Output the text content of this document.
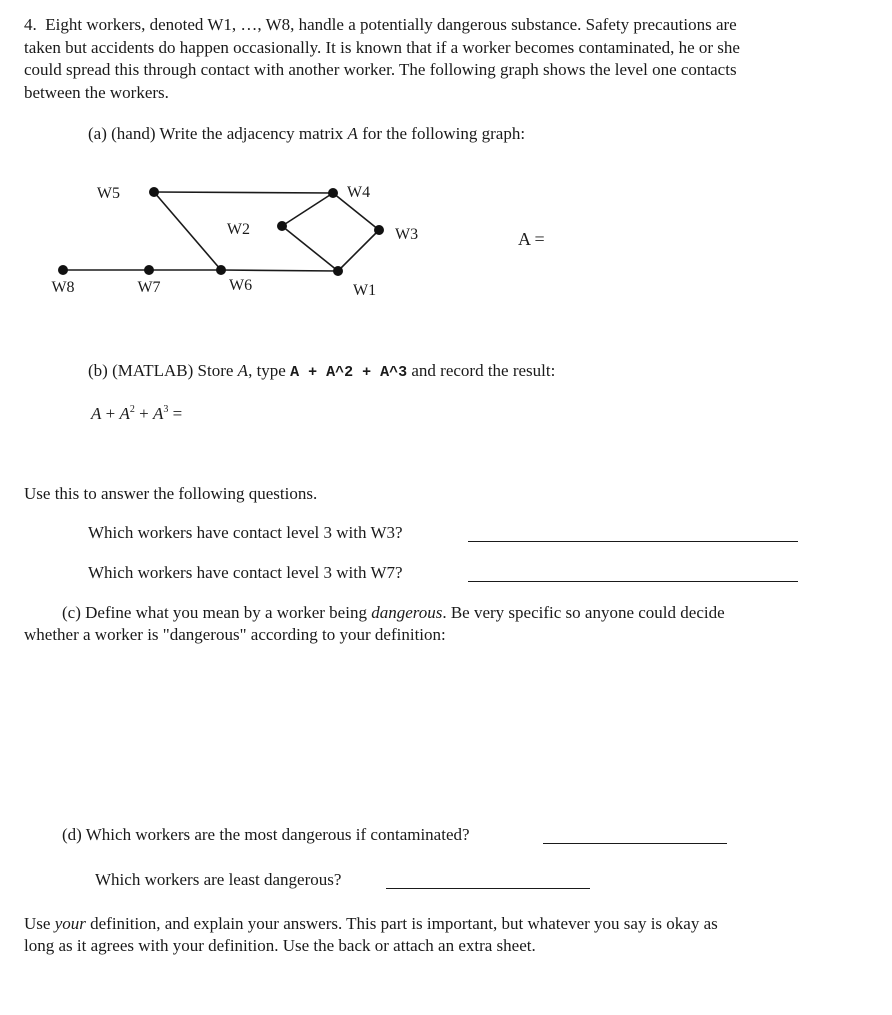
4. Eight workers, denoted W1, …, W8, handle a potentially dangerous substance. Safety precautions are
taken but accidents do happen occasionally. It is known that if a worker becomes contaminated, he or she
could spread this through contact with another worker. The following graph shows the level one contacts
between the workers.
(a) (hand) Write the adjacency matrix A for the following graph:
W1
W2	W3
W4
W5
W6
W7
W8
A =
(b) (MATLAB) Store A, type A + A^2 + A^3 and record the result:
$A + A^2 + A^3$ =
Use this to answer the following questions.
Which workers have contact level 3 with W3?
Which workers have contact level 3 with W7?
(c) Define what you mean by a worker being dangerous. Be very specific so anyone could decide
whether a worker is "dangerous" according to your definition:
(d) Which workers are the most dangerous if contaminated?
Which workers are least dangerous?
Use your definition, and explain your answers. This part is important, but whatever you say is okay as
long as it agrees with your definition. Use the back or attach an extra sheet.
